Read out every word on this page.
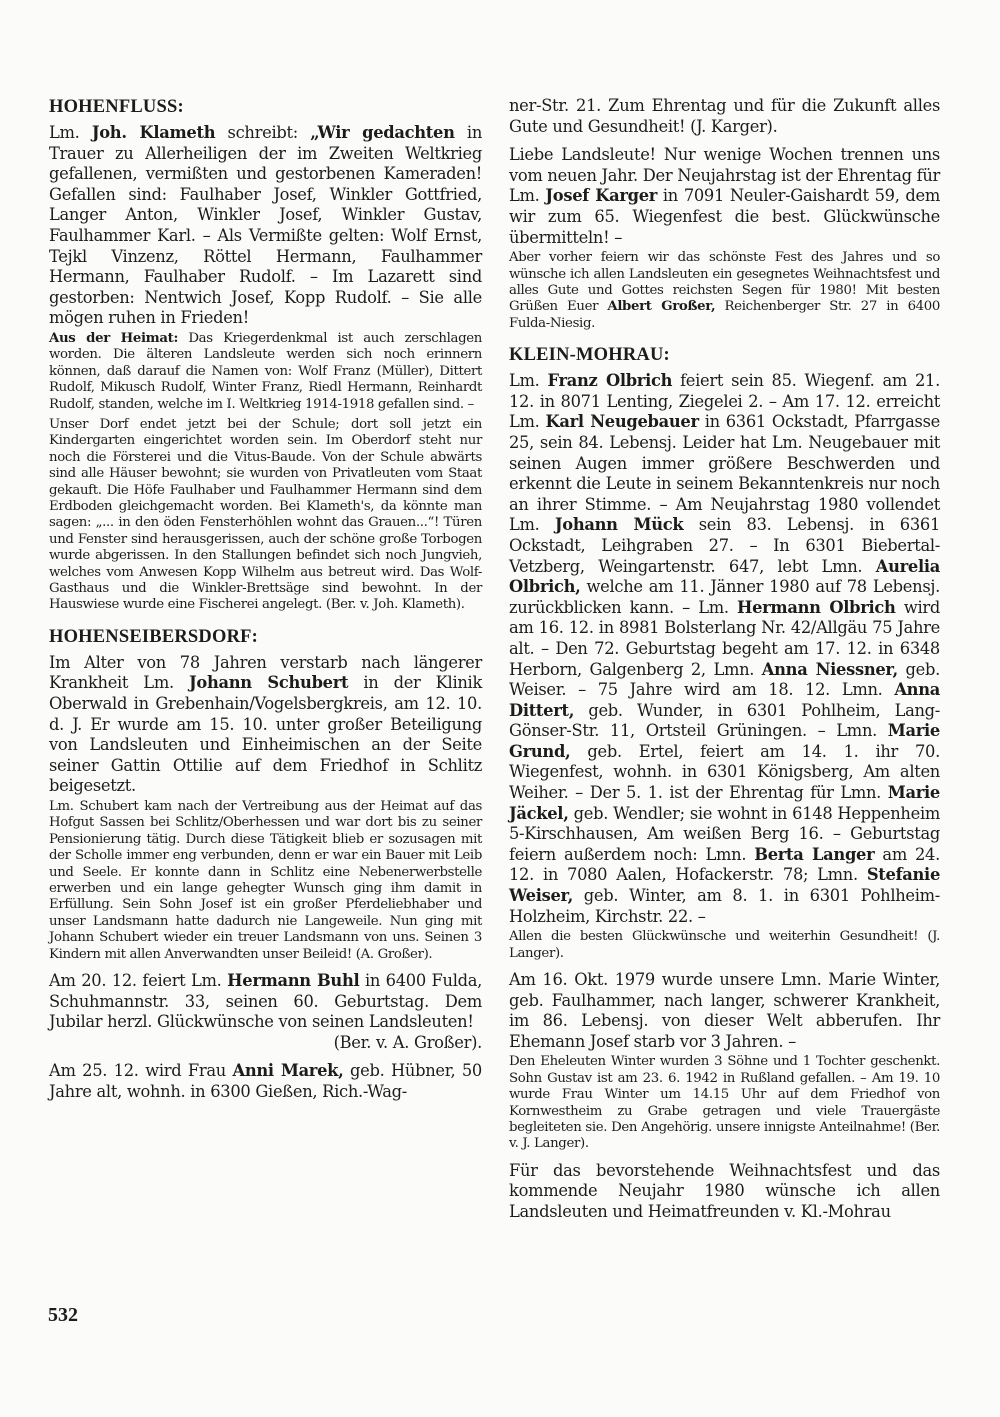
HOHENFLUSS:

Lm. Joh. Klameth schreibt: „Wir gedachten in Trauer zu Allerheiligen der im Zweiten Weltkrieg gefallenen, vermißten und gestorbenen Kameraden! Gefallen sind: Faulhaber Josef, Winkler Gottfried, Langer Anton, Winkler Josef, Winkler Gustav, Faulhammer Karl. – Als Vermißte gelten: Wolf Ernst, Tejkl Vinzenz, Röttel Hermann, Faulhammer Hermann, Faulhaber Rudolf. – Im Lazarett sind gestorben: Nentwich Josef, Kopp Rudolf. – Sie alle mögen ruhen in Frieden!

Aus der Heimat: Das Kriegerdenkmal ist auch zerschlagen worden. Die älteren Landsleute werden sich noch erinnern können, daß darauf die Namen von: Wolf Franz (Müller), Dittert Rudolf, Mikusch Rudolf, Winter Franz, Riedl Hermann, Reinhardt Rudolf, standen, welche im I. Weltkrieg 1914-1918 gefallen sind. –

Unser Dorf endet jetzt bei der Schule; dort soll jetzt ein Kindergarten eingerichtet worden sein. Im Oberdorf steht nur noch die Försterei und die Vitus-Baude. Von der Schule abwärts sind alle Häuser bewohnt; sie wurden von Privatleuten vom Staat gekauft. Die Höfe Faulhaber und Faulhammer Hermann sind dem Erdboden gleichgemacht worden. Bei Klameth's, da könnte man sagen: „... in den öden Fensterhöhlen wohnt das Grauen...“! Türen und Fenster sind herausgerissen, auch der schöne große Torbogen wurde abgerissen. In den Stallungen befindet sich noch Jungvieh, welches vom Anwesen Kopp Wilhelm aus betreut wird. Das Wolf-Gasthaus und die Winkler-Brettsäge sind bewohnt. In der Hauswiese wurde eine Fischerei angelegt. (Ber. v. Joh. Klameth).

HOHENSEIBERSDORF:

Im Alter von 78 Jahren verstarb nach längerer Krankheit Lm. Johann Schubert in der Klinik Oberwald in Grebenhain/Vogelsbergkreis, am 12. 10. d. J. Er wurde am 15. 10. unter großer Beteiligung von Landsleuten und Einheimischen an der Seite seiner Gattin Ottilie auf dem Friedhof in Schlitz beigesetzt.

Lm. Schubert kam nach der Vertreibung aus der Heimat auf das Hofgut Sassen bei Schlitz/Oberhessen und war dort bis zu seiner Pensionierung tätig. Durch diese Tätigkeit blieb er sozusagen mit der Scholle immer eng verbunden, denn er war ein Bauer mit Leib und Seele. Er konnte dann in Schlitz eine Nebenerwerbstelle erwerben und ein lange gehegter Wunsch ging ihm damit in Erfüllung. Sein Sohn Josef ist ein großer Pferdeliebhaber und unser Landsmann hatte dadurch nie Langeweile. Nun ging mit Johann Schubert wieder ein treuer Landsmann von uns. Seinen 3 Kindern mit allen Anverwandten unser Beileid! (A. Großer).

Am 20. 12. feiert Lm. Hermann Buhl in 6400 Fulda, Schuhmannstr. 33, seinen 60. Geburtstag. Dem Jubilar herzl. Glückwünsche von seinen Landsleuten!
(Ber. v. A. Großer).

Am 25. 12. wird Frau Anni Marek, geb. Hübner, 50 Jahre alt, wohnh. in 6300 Gießen, Rich.-Wag-

ner-Str. 21. Zum Ehrentag und für die Zukunft alles Gute und Gesundheit! (J. Karger).

Liebe Landsleute! Nur wenige Wochen trennen uns vom neuen Jahr. Der Neujahrstag ist der Ehrentag für Lm. Josef Karger in 7091 Neuler-Gaishardt 59, dem wir zum 65. Wiegenfest die best. Glückwünsche übermitteln! –

Aber vorher feiern wir das schönste Fest des Jahres und so wünsche ich allen Landsleuten ein gesegnetes Weihnachtsfest und alles Gute und Gottes reichsten Segen für 1980! Mit besten Grüßen Euer Albert Großer, Reichenberger Str. 27 in 6400 Fulda-Niesig.

KLEIN-MOHRAU:

Lm. Franz Olbrich feiert sein 85. Wiegenf. am 21. 12. in 8071 Lenting, Ziegelei 2. – Am 17. 12. erreicht Lm. Karl Neugebauer in 6361 Ockstadt, Pfarrgasse 25, sein 84. Lebensj. Leider hat Lm. Neugebauer mit seinen Augen immer größere Beschwerden und erkennt die Leute in seinem Bekanntenkreis nur noch an ihrer Stimme. – Am Neujahrstag 1980 vollendet Lm. Johann Mück sein 83. Lebensj. in 6361 Ockstadt, Leihgraben 27. – In 6301 Biebertal-Vetzberg, Weingartenstr. 647, lebt Lmn. Aurelia Olbrich, welche am 11. Jänner 1980 auf 78 Lebensj. zurückblicken kann. – Lm. Hermann Olbrich wird am 16. 12. in 8981 Bolsterlang Nr. 42/Allgäu 75 Jahre alt. – Den 72. Geburtstag begeht am 17. 12. in 6348 Herborn, Galgenberg 2, Lmn. Anna Niessner, geb. Weiser. – 75 Jahre wird am 18. 12. Lmn. Anna Dittert, geb. Wunder, in 6301 Pohlheim, Lang-Gönser-Str. 11, Ortsteil Grüningen. – Lmn. Marie Grund, geb. Ertel, feiert am 14. 1. ihr 70. Wiegenfest, wohnh. in 6301 Königsberg, Am alten Weiher. – Der 5. 1. ist der Ehrentag für Lmn. Marie Jäckel, geb. Wendler; sie wohnt in 6148 Heppenheim 5-Kirschhausen, Am weißen Berg 16. – Geburtstag feiern außerdem noch: Lmn. Berta Langer am 24. 12. in 7080 Aalen, Hofackerstr. 78; Lmn. Stefanie Weiser, geb. Winter, am 8. 1. in 6301 Pohlheim-Holzheim, Kirchstr. 22. –

Allen die besten Glückwünsche und weiterhin Gesundheit! (J. Langer).

Am 16. Okt. 1979 wurde unsere Lmn. Marie Winter, geb. Faulhammer, nach langer, schwerer Krankheit, im 86. Lebensj. von dieser Welt abberufen. Ihr Ehemann Josef starb vor 3 Jahren. –

Den Eheleuten Winter wurden 3 Söhne und 1 Tochter geschenkt. Sohn Gustav ist am 23. 6. 1942 in Rußland gefallen. – Am 19. 10 wurde Frau Winter um 14.15 Uhr auf dem Friedhof von Kornwestheim zu Grabe getragen und viele Trauergäste begleiteten sie. Den Angehörig. unsere innigste Anteilnahme! (Ber. v. J. Langer).

Für das bevorstehende Weihnachtsfest und das kommende Neujahr 1980 wünsche ich allen Landsleuten und Heimatfreunden v. Kl.-Mohrau

532
